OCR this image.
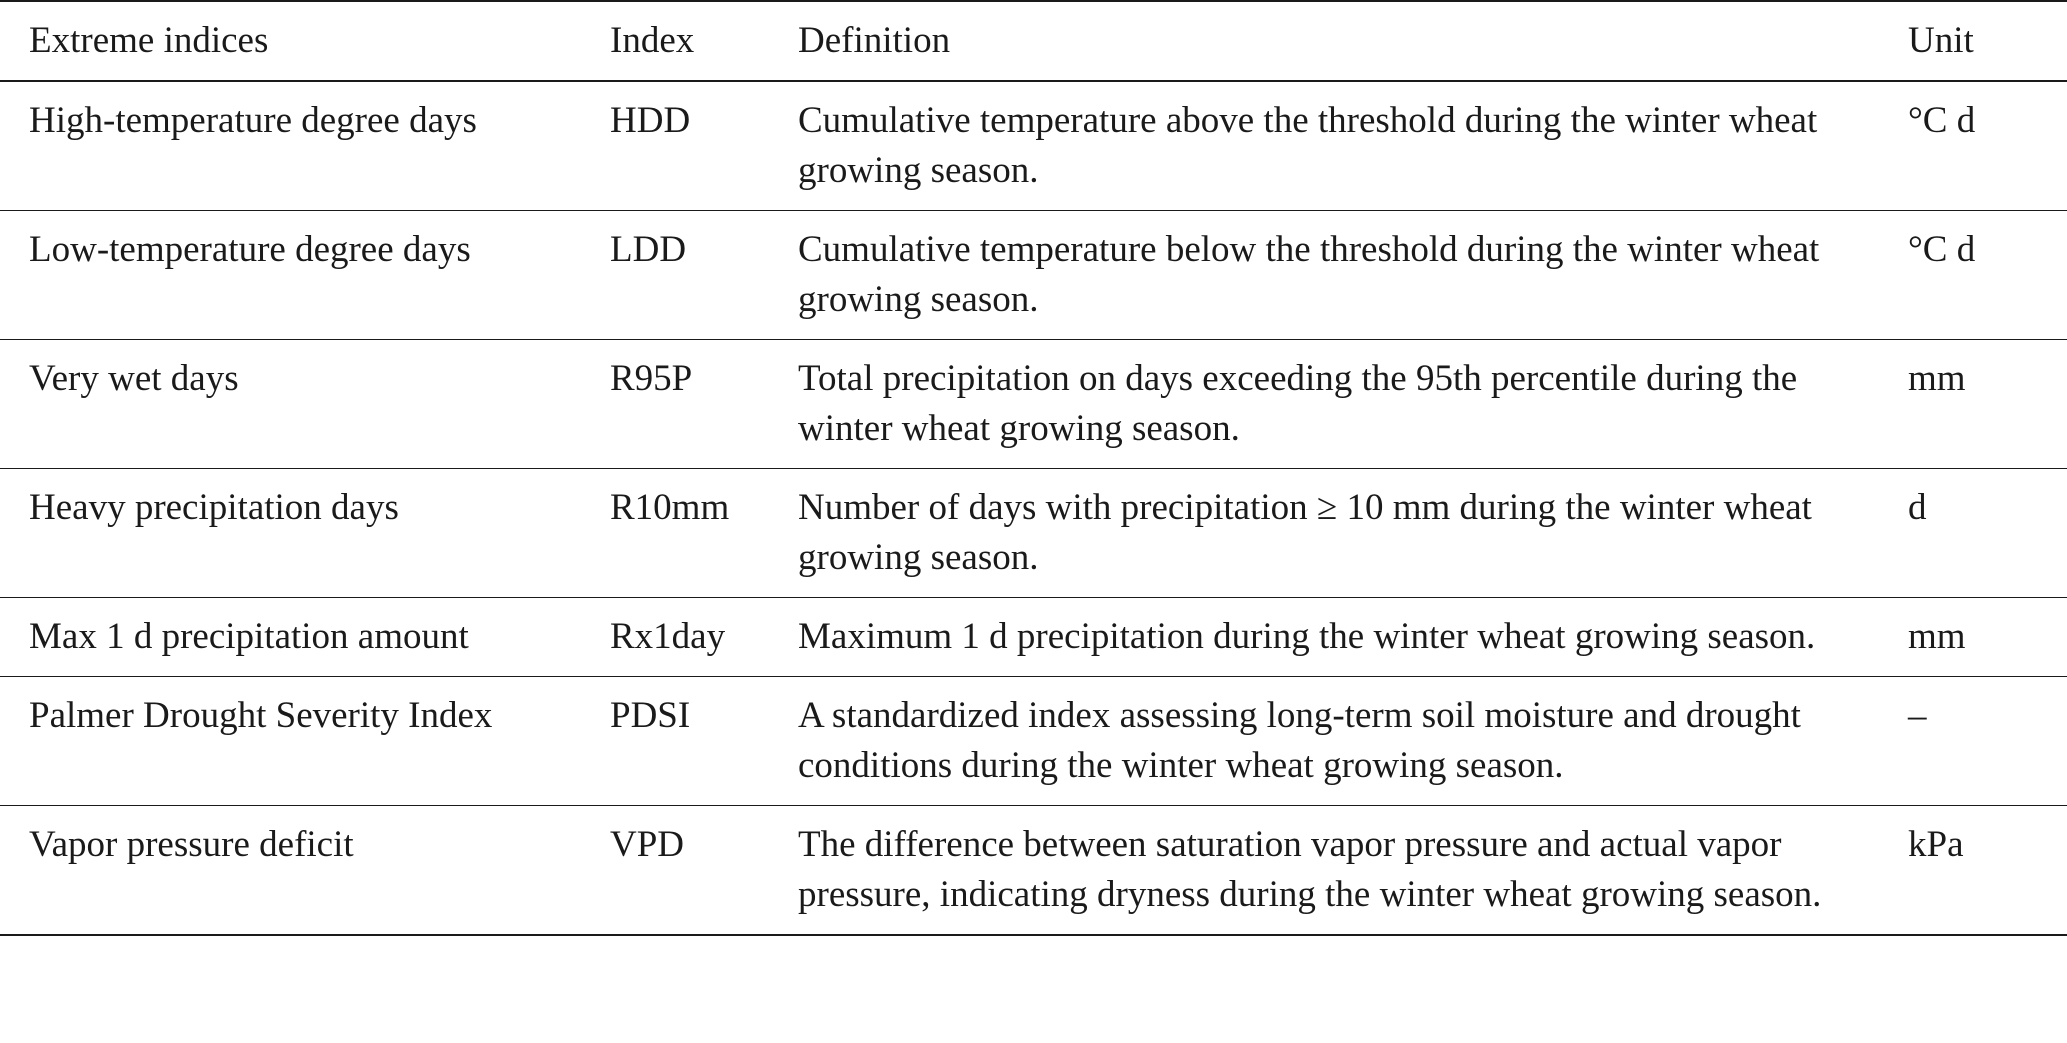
Extreme indices	Index	Definition	Unit
High-temperature degree days	HDD	Cumulative temperature above the threshold during the winter wheat growing season.	°C d
Low-temperature degree days	LDD	Cumulative temperature below the threshold during the winter wheat growing season.	°C d
Very wet days	R95P	Total precipitation on days exceeding the 95th percentile during the winter wheat growing season.	mm
Heavy precipitation days	R10mm	Number of days with precipitation ≥ 10 mm during the winter wheat growing season.	d
Max 1 d precipitation amount	Rx1day	Maximum 1 d precipitation during the winter wheat growing season.	mm
Palmer Drought Severity Index	PDSI	A standardized index assessing long-term soil moisture and drought conditions during the winter wheat growing season.	–
Vapor pressure deficit	VPD	The difference between saturation vapor pressure and actual vapor pressure, indicating dryness during the winter wheat growing season.	kPa
